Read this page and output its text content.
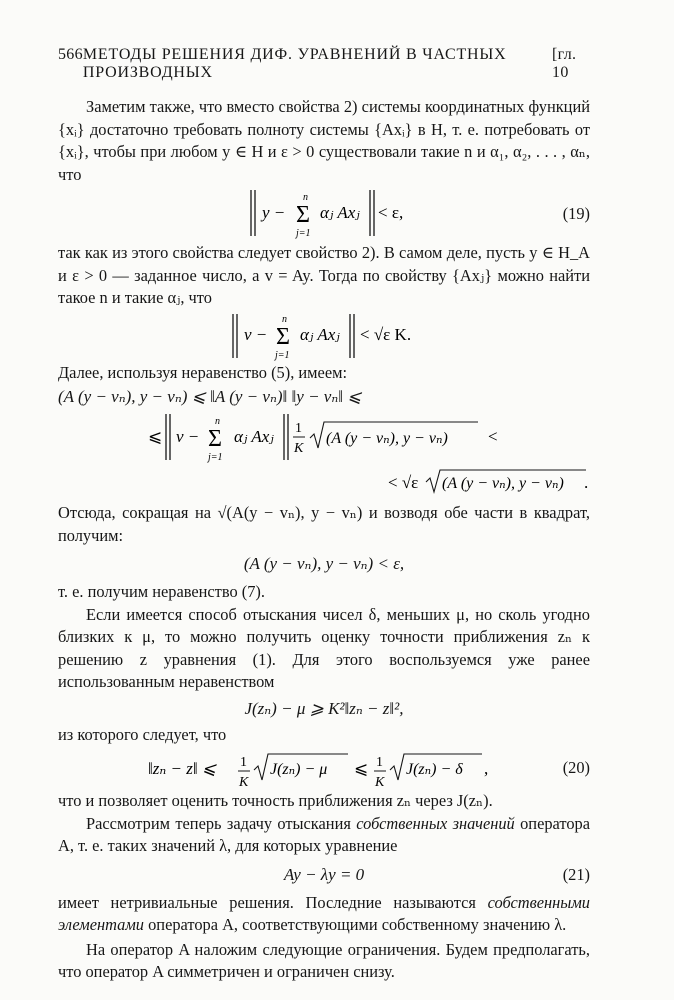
566 МЕТОДЫ РЕШЕНИЯ ДИФ. УРАВНЕНИЙ В ЧАСТНЫХ ПРОИЗВОДНЫХ
[гл. 10

Заметим также, что вместо свойства 2) системы координатных функций {xᵢ} достаточно требовать полноту системы {Axᵢ} в H, т. е. потребовать от {xᵢ}, чтобы при любом y ∈ H и ε > 0 существовали такие n и α₁, α₂, . . . , αₙ, что

y − Σ
n
j=1
αⱼ Axⱼ < ε,	(19)

так как из этого свойства следует свойство 2). В самом деле, пусть y ∈ H_A и ε > 0 — заданное число, а v = Ay. Тогда по свойству {Axⱼ} можно найти такое n и такие αⱼ, что

v − Σ
n
j=1
αⱼ Axⱼ < √ε K.

Далее, используя неравенство (5), имеем:

(A (y − vₙ), y − vₙ) ⩽ ‖A (y − vₙ)‖ ‖y − vₙ‖ ⩽
⩽ v − Σ
n
j=1
αⱼ Axⱼ 1
K
(A (y − vₙ), y − vₙ) <
< √ε (A (y − vₙ), y − vₙ) .

Отсюда, сокращая на √(A(y − vₙ), y − vₙ) и возводя обе части в квадрат, получим:

(A (y − vₙ), y − vₙ) < ε,

т. е. получим неравенство (7).

Если имеется способ отыскания чисел δ, меньших μ, но сколь угодно близких к μ, то можно получить оценку точности приближения zₙ к решению z уравнения (1). Для этого воспользуемся уже ранее использованным неравенством

J(zₙ) − μ ⩾ K²‖zₙ − z‖²,

из которого следует, что

‖zₙ − z‖ ⩽ 1
K
J(zₙ) − μ ⩽ 1
K
J(zₙ) − δ ,	(20)

что и позволяет оценить точность приближения zₙ через J(zₙ).

Рассмотрим теперь задачу отыскания собственных значений оператора A, т. е. таких значений λ, для которых уравнение

Ay − λy = 0	(21)

имеет нетривиальные решения. Последние называются собственными элементами оператора A, соответствующими собственному значению λ.

На оператор A наложим следующие ограничения. Будем предполагать, что оператор A симметричен и ограничен снизу.
